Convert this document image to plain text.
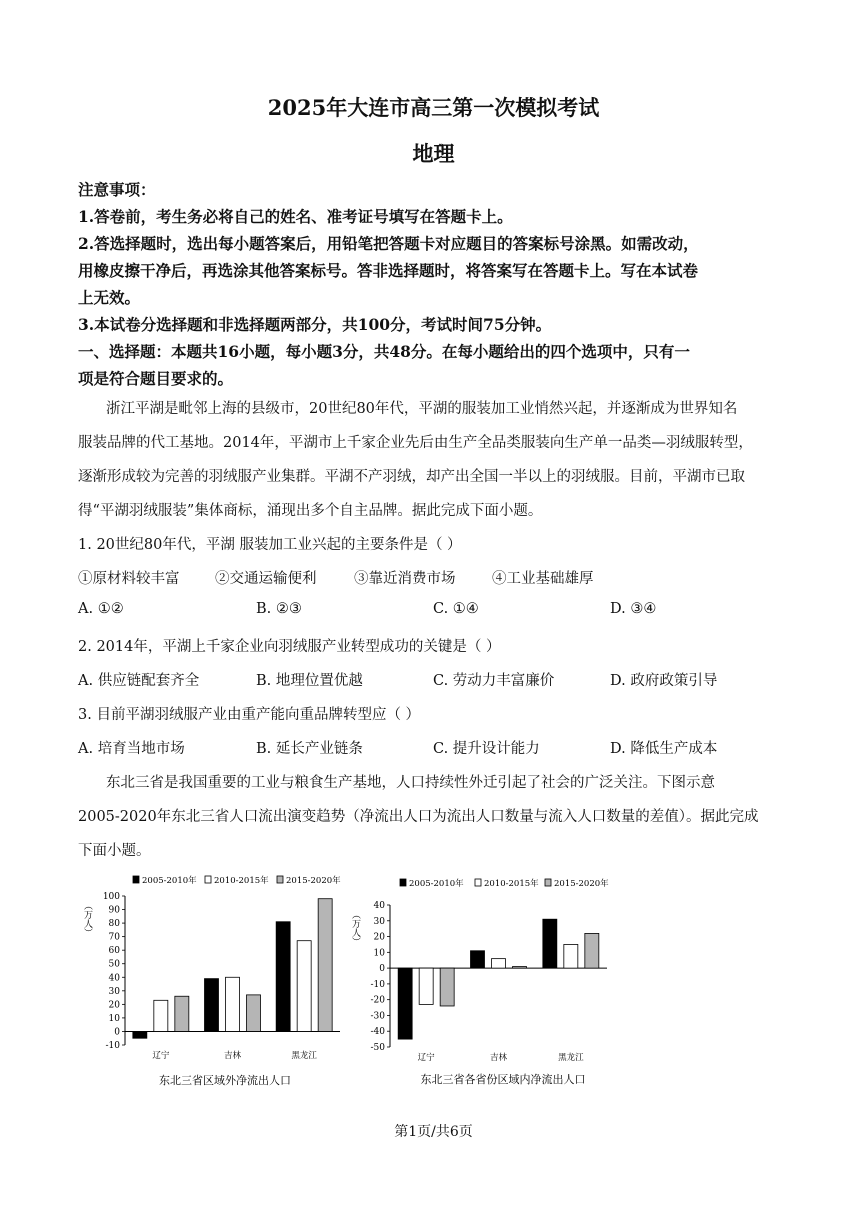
2025年大连市高三第一次模拟考试
地理
注意事项：
1.答卷前，考生务必将自己的姓名、准考证号填写在答题卡上。
2.答选择题时，选出每小题答案后，用铅笔把答题卡对应题目的答案标号涂黑。如需改动，
用橡皮擦干净后，再选涂其他答案标号。答非选择题时，将答案写在答题卡上。写在本试卷
上无效。
3.本试卷分选择题和非选择题两部分，共100分，考试时间75分钟。
一、选择题：本题共16小题，每小题3分，共48分。在每小题给出的四个选项中，只有一
项是符合题目要求的。
浙江平湖是毗邻上海的县级市，20世纪80年代，平湖的服装加工业悄然兴起，并逐渐成为世界知名
服装品牌的代工基地。2014年，平湖市上千家企业先后由生产全品类服装向生产单一品类—羽绒服转型，
逐渐形成较为完善的羽绒服产业集群。平湖不产羽绒，却产出全国一半以上的羽绒服。目前，平湖市已取
得“平湖羽绒服装”集体商标，涌现出多个自主品牌。据此完成下面小题。
1. 20世纪80年代，平湖 服装加工业兴起的主要条件是（ ）
①原材料较丰富 ②交通运输便利	③靠近消费市场	④工业基础雄厚
A. ①②	B. ②③	C. ①④	D. ③④
2. 2014年，平湖上千家企业向羽绒服产业转型成功的关键是（ ）
A. 供应链配套齐全	B. 地理位置优越	C. 劳动力丰富廉价	D. 政府政策引导
3. 目前平湖羽绒服产业由重产能向重品牌转型应（ ）
A. 培育当地市场	B. 延长产业链条	C. 提升设计能力	D. 降低生产成本
东北三省是我国重要的工业与粮食生产基地，人口持续性外迁引起了社会的广泛关注。下图示意
2005-2020年东北三省人口流出演变趋势（净流出人口为流出人口数量与流入人口数量的差值）。据此完成
下面小题。
2005-2010年 2010-2015年 2015-2020年
（万人）
100
90
80
70
60
50
40
30
20
10
0
-10
辽宁	吉林	黑龙江
东北三省区域外净流出人口
2005-2010年 2010-2015年 2015-2020年
（万人）
40
30
20
10
0
-10
-20
-30
-40
-50
辽宁	吉林	黑龙江
东北三省各省份区域内净流出人口
第1页/共6页
